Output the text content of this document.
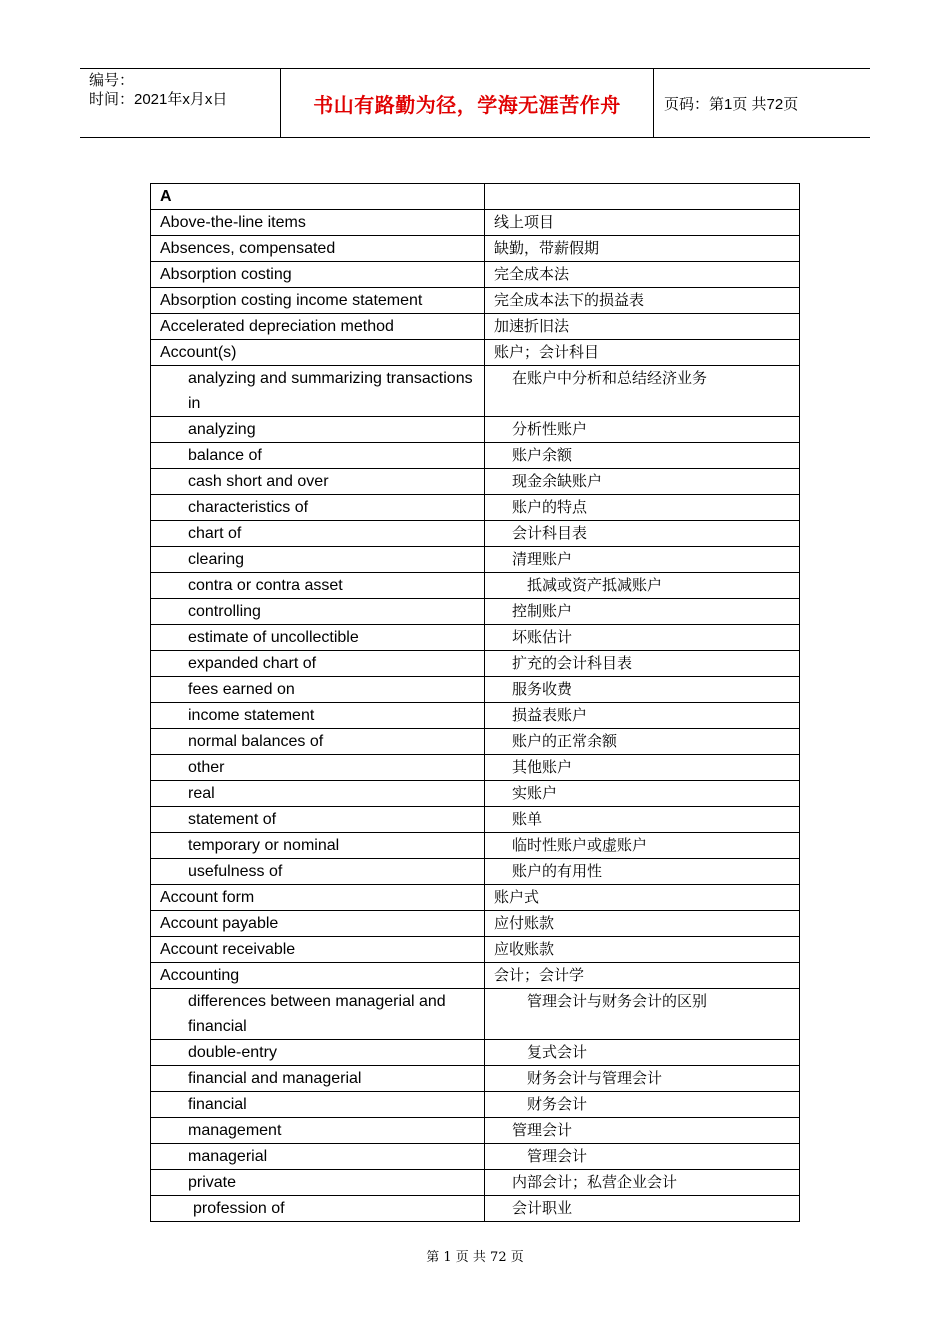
编号：
时间：2021年x月x日	书山有路勤为径，学海无涯苦作舟	页码：第1页 共72页
A	
Above-the-line items	线上项目
Absences, compensated	缺勤，带薪假期
Absorption costing	完全成本法
Absorption costing income statement	完全成本法下的损益表
Accelerated depreciation method	加速折旧法
Account(s)	账户；会计科目
analyzing and summarizing transactions in	在账户中分析和总结经济业务
analyzing	分析性账户
balance of	账户余额
cash short and over	现金余缺账户
characteristics of	账户的特点
chart of	会计科目表
clearing	清理账户
contra or contra asset	抵减或资产抵减账户
controlling	控制账户
estimate of uncollectible	坏账估计
expanded chart of	扩充的会计科目表
fees earned on	服务收费
income statement	损益表账户
normal balances of	账户的正常余额
other	其他账户
real	实账户
statement of	账单
temporary or nominal	临时性账户或虚账户
usefulness of	账户的有用性
Account form	账户式
Account payable	应付账款
Account receivable	应收账款
Accounting	会计；会计学
differences between managerial and financial	管理会计与财务会计的区别
double-entry	复式会计
financial and managerial	财务会计与管理会计
financial	财务会计
management	管理会计
managerial	管理会计
private	内部会计；私营企业会计
profession of	会计职业
第 1 页 共 72 页
